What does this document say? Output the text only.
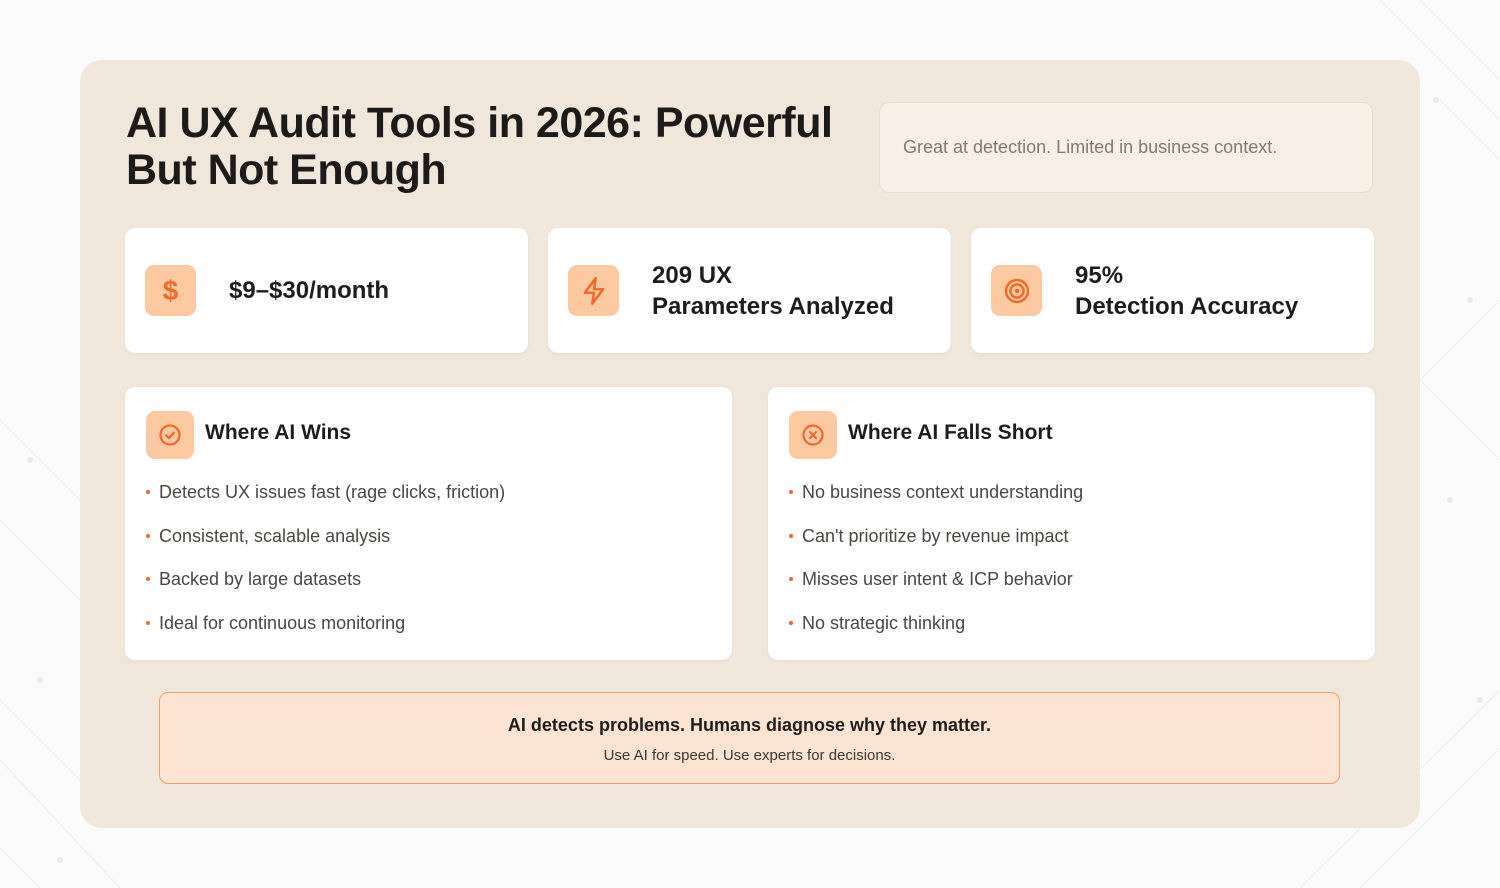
AI UX Audit Tools in 2026: Powerful But Not Enough	Great at detection. Limited in business context.
$ $9–$30/month
209 UX
Parameters Analyzed
95%
Detection Accuracy
Where AI Wins
Detects UX issues fast (rage clicks, friction)
Consistent, scalable analysis
Backed by large datasets
Ideal for continuous monitoring
Where AI Falls Short
No business context understanding
Can't prioritize by revenue impact
Misses user intent & ICP behavior
No strategic thinking
AI detects problems. Humans diagnose why they matter.
Use AI for speed. Use experts for decisions.
